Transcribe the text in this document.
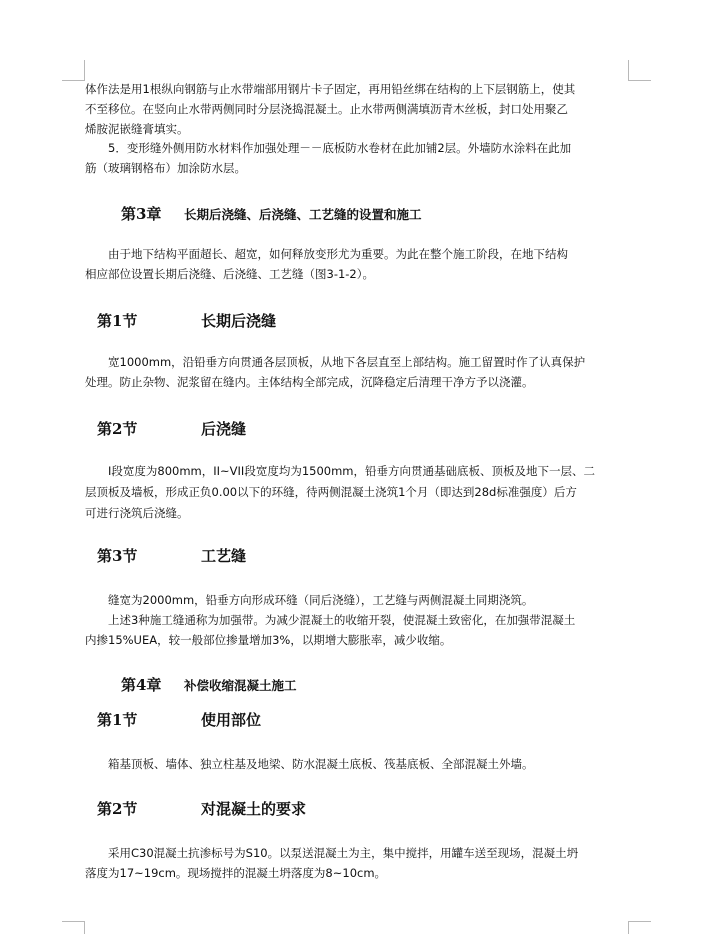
体作法是用1根纵向钢筋与止水带端部用钢片卡子固定，再用铅丝绑在结构的上下层钢筋上，使其
不至移位。在竖向止水带两侧同时分层浇捣混凝土。止水带两侧满填沥青木丝板，封口处用聚乙
烯胺泥嵌缝膏填实。
5．变形缝外侧用防水材料作加强处理－－底板防水卷材在此加铺2层。外墙防水涂料在此加
筋（玻璃钢格布）加涂防水层。
第3章 长期后浇缝、后浇缝、工艺缝的设置和施工
由于地下结构平面超长、超宽，如何释放变形尤为重要。为此在整个施工阶段，在地下结构
相应部位设置长期后浇缝、后浇缝、工艺缝（图3-1-2）。
第1节	长期后浇缝
宽1000mm，沿铅垂方向贯通各层顶板，从地下各层直至上部结构。施工留置时作了认真保护
处理。防止杂物、泥浆留在缝内。主体结构全部完成，沉降稳定后清理干净方予以浇灌。
第2节	后浇缝
I段宽度为800mm，II~VII段宽度均为1500mm，铅垂方向贯通基础底板、顶板及地下一层、二
层顶板及墙板，形成正负0.00以下的环缝，待两侧混凝土浇筑1个月（即达到28d标准强度）后方
可进行浇筑后浇缝。
第3节	工艺缝
缝宽为2000mm，铅垂方向形成环缝（同后浇缝），工艺缝与两侧混凝土同期浇筑。
上述3种施工缝通称为加强带。为减少混凝土的收缩开裂，使混凝土致密化，在加强带混凝土
内掺15%UEA，较一般部位掺量增加3%，以期增大膨胀率，减少收缩。
第4章 补偿收缩混凝土施工
第1节	使用部位
箱基顶板、墙体、独立柱基及地梁、防水混凝土底板、筏基底板、全部混凝土外墙。
第2节	对混凝土的要求
采用C30混凝土抗渗标号为S10。以泵送混凝土为主，集中搅拌，用罐车送至现场，混凝土坍
落度为17~19cm。现场搅拌的混凝土坍落度为8~10cm。
